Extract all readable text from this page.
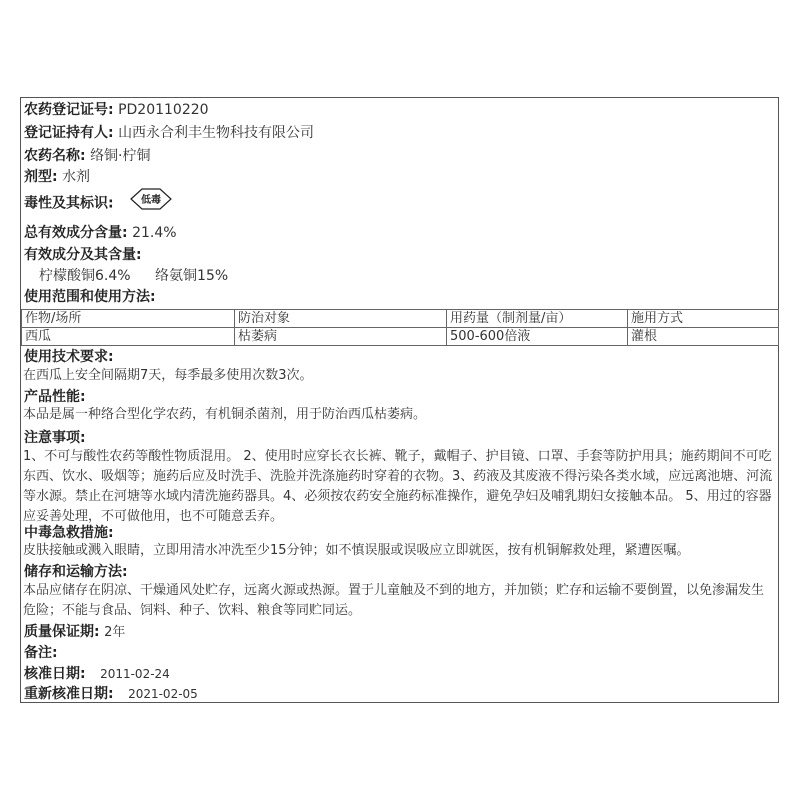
农药登记证号: PD20110220
登记证持有人: 山西永合利丰生物科技有限公司
农药名称: 络铜·柠铜
剂型: 水剂
毒性及其标识:	低毒
总有效成分含量: 21.4%
有效成分及其含量:
柠檬酸铜6.4% 络氨铜15%
使用范围和使用方法:
作物/场所	防治对象	用药量（制剂量/亩）	施用方式
西瓜	枯萎病	500-600倍液	灌根
使用技术要求:
在西瓜上安全间隔期7天，每季最多使用次数3次。
产品性能:
本品是属一种络合型化学农药，有机铜杀菌剂，用于防治西瓜枯萎病。
注意事项:
1、不可与酸性农药等酸性物质混用。 2、使用时应穿长衣长裤、靴子，戴帽子、护目镜、口罩、手套等防护用具；施药期间不可吃东西、饮水、吸烟等；施药后应及时洗手、洗脸并洗涤施药时穿着的衣物。3、药液及其废液不得污染各类水域，应远离池塘、河流等水源。禁止在河塘等水域内清洗施药器具。4、必须按农药安全施药标准操作，避免孕妇及哺乳期妇女接触本品。 5、用过的容器应妥善处理，不可做他用，也不可随意丢弃。
中毒急救措施:
皮肤接触或溅入眼睛，立即用清水冲洗至少15分钟；如不慎误服或误吸应立即就医，按有机铜解救处理，紧遭医嘱。
储存和运输方法:
本品应储存在阴凉、干燥通风处贮存，远离火源或热源。置于儿童触及不到的地方，并加锁；贮存和运输不要倒置，以免渗漏发生危险；不能与食品、饲料、种子、饮料、粮食等同贮同运。
质量保证期: 2年
备注:
核准日期: 2011-02-24
重新核准日期: 2021-02-05
